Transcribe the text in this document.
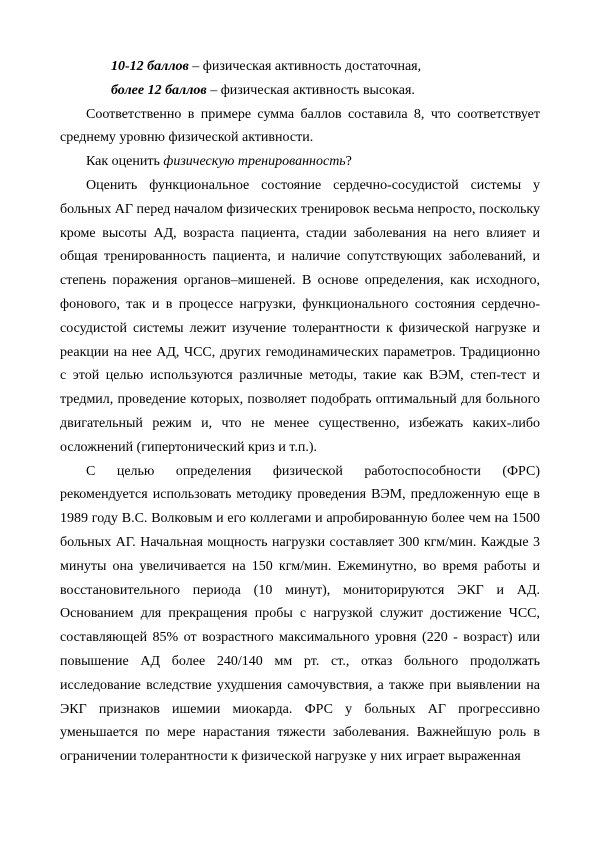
10-12 баллов – физическая активность достаточная,

более 12 баллов – физическая активность высокая.

Соответственно в примере сумма баллов составила 8, что соответствует среднему уровню физической активности.

Как оценить физическую тренированность?

Оценить функциональное состояние сердечно-сосудистой системы у больных АГ перед началом физических тренировок весьма непросто, поскольку кроме высоты АД, возраста пациента, стадии заболевания на него влияет и общая тренированность пациента, и наличие сопутствующих заболеваний, и степень поражения органов–мишеней. В основе определения, как исходного, фонового, так и в процессе нагрузки, функционального состояния сердечно-сосудистой системы лежит изучение толерантности к физической нагрузке и реакции на нее АД, ЧСС, других гемодинамических параметров. Традиционно с этой целью используются различные методы, такие как ВЭМ, степ-тест и тредмил, проведение которых, позволяет подобрать оптимальный для больного двигательный режим и, что не менее существенно, избежать каких-либо осложнений (гипертонический криз и т.п.).

С целью определения физической работоспособности (ФРС) рекомендуется использовать методику проведения ВЭМ, предложенную еще в 1989 году В.С. Волковым и его коллегами и апробированную более чем на 1500 больных АГ. Начальная мощность нагрузки составляет 300 кгм/мин. Каждые 3 минуты она увеличивается на 150 кгм/мин. Ежеминутно, во время работы и восстановительного периода (10 минут), мониторируются ЭКГ и АД. Основанием для прекращения пробы с нагрузкой служит достижение ЧСС, составляющей 85% от возрастного максимального уровня (220 - возраст) или повышение АД более 240/140 мм рт. ст., отказ больного продолжать исследование вследствие ухудшения самочувствия, а также при выявлении на ЭКГ признаков ишемии миокарда. ФРС у больных АГ прогрессивно уменьшается по мере нарастания тяжести заболевания. Важнейшую роль в ограничении толерантности к физической нагрузке у них играет выраженная
